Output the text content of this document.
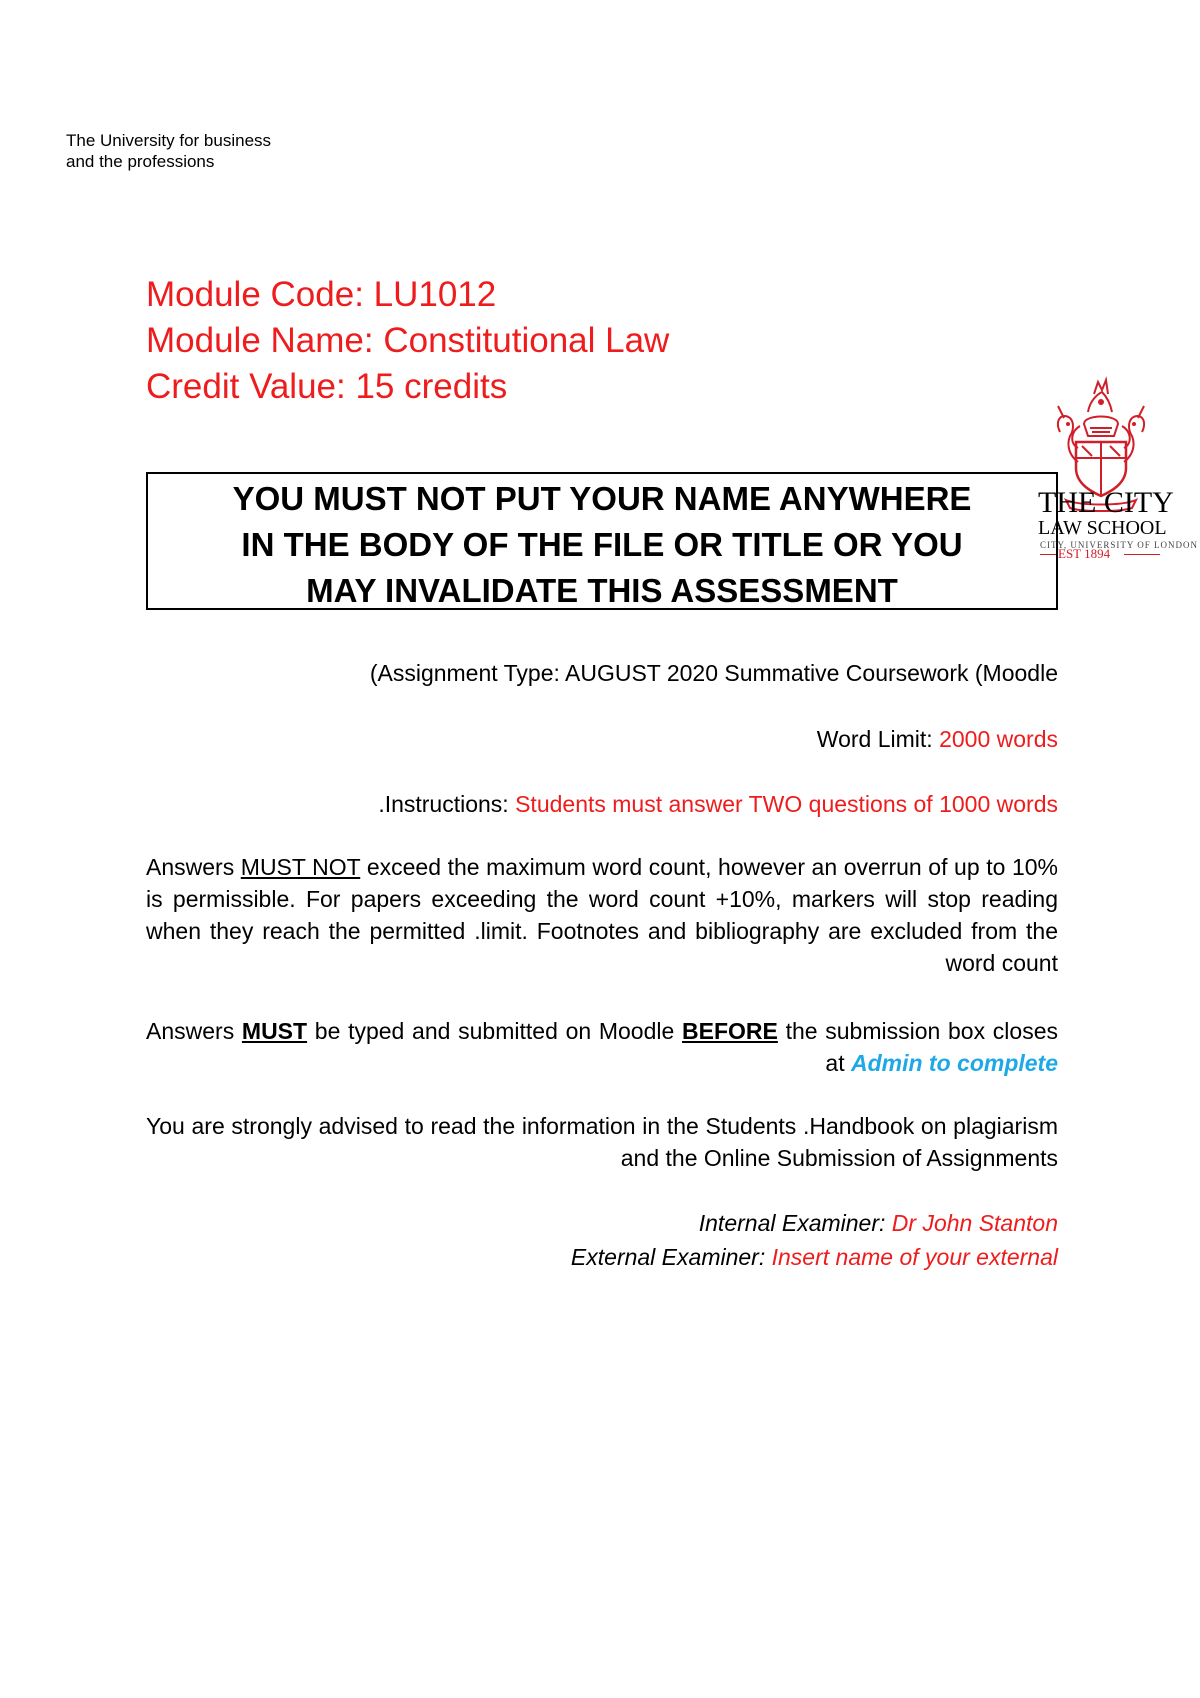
The University for business
and the professions
Module Code: LU1012
Module Name: Constitutional Law
Credit Value: 15 credits
THE CITY
LAW SCHOOL
CITY, UNIVERSITY OF LONDON
EST 1894
YOU MUST NOT PUT YOUR NAME ANYWHERE
IN THE BODY OF THE FILE OR TITLE OR YOU
MAY INVALIDATE THIS ASSESSMENT
(Assignment Type: AUGUST 2020 Summative Coursework (Moodle
Word Limit: 2000 words
.Instructions: Students must answer TWO questions of 1000 words
Answers MUST NOT exceed the maximum word count, however an overrun of up to 10% is permissible. For papers exceeding the word count +10%, markers will stop reading when they reach the permitted .limit. Footnotes and bibliography are excluded from the word count
Answers MUST be typed and submitted on Moodle BEFORE the submission box closes at Admin to complete
You are strongly advised to read the information in the Students .Handbook on plagiarism and the Online Submission of Assignments
Internal Examiner: Dr John Stanton
External Examiner: Insert name of your external
